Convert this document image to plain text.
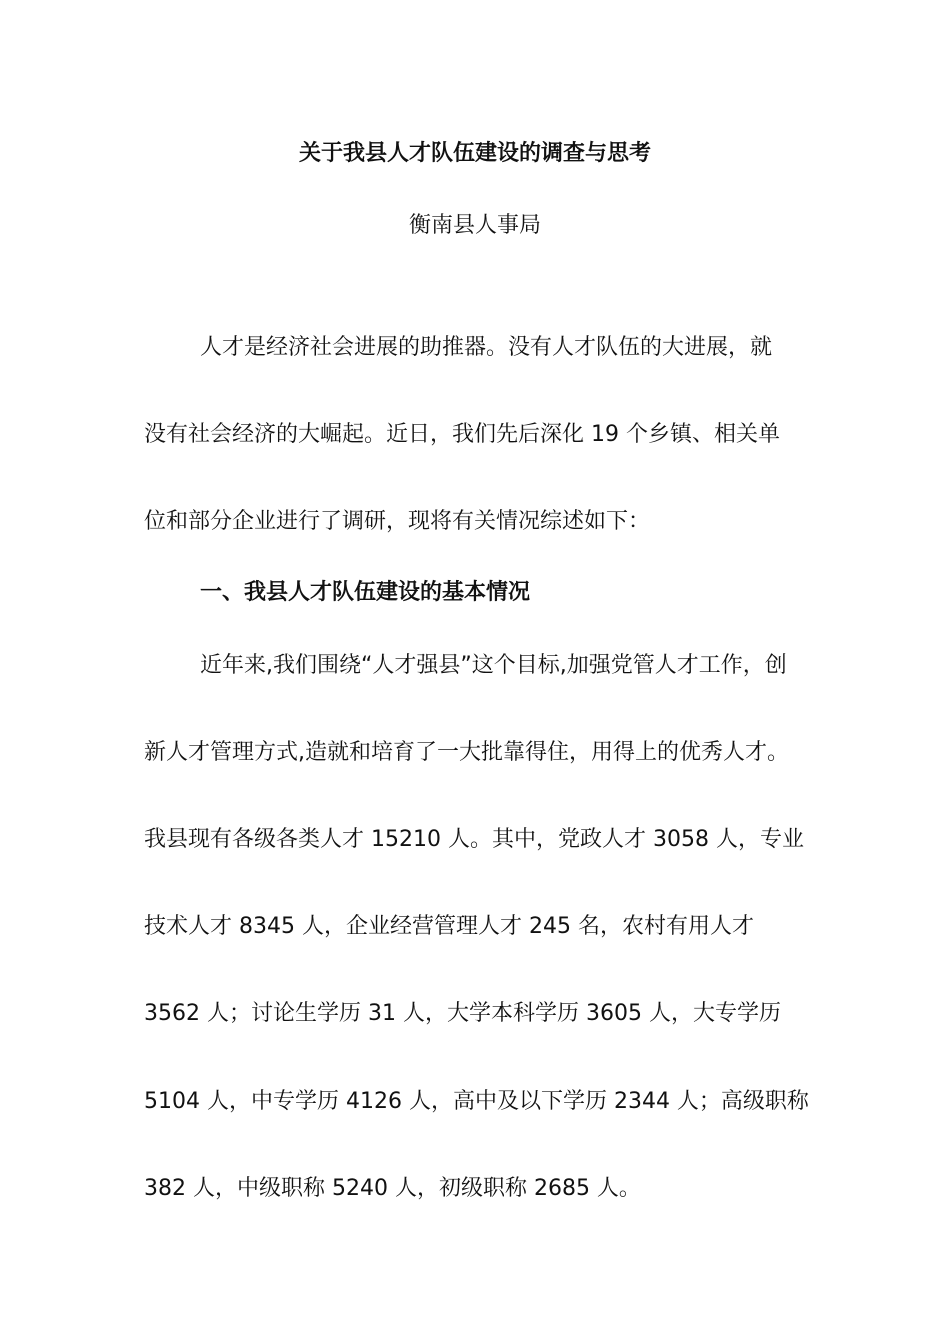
关于我县人才队伍建设的调查与思考
衡南县人事局
人才是经济社会进展的助推器。没有人才队伍的大进展，就
没有社会经济的大崛起。近日，我们先后深化 19 个乡镇、相关单
位和部分企业进行了调研，现将有关情况综述如下：
一、我县人才队伍建设的基本情况
近年来,我们围绕“人才强县”这个目标,加强党管人才工作，创
新人才管理方式,造就和培育了一大批靠得住，用得上的优秀人才。
我县现有各级各类人才 15210 人。其中，党政人才 3058 人，专业
技术人才 8345 人，企业经营管理人才 245 名，农村有用人才
3562 人；讨论生学历 31 人，大学本科学历 3605 人，大专学历
5104 人，中专学历 4126 人，高中及以下学历 2344 人；高级职称
382 人，中级职称 5240 人，初级职称 2685 人。
